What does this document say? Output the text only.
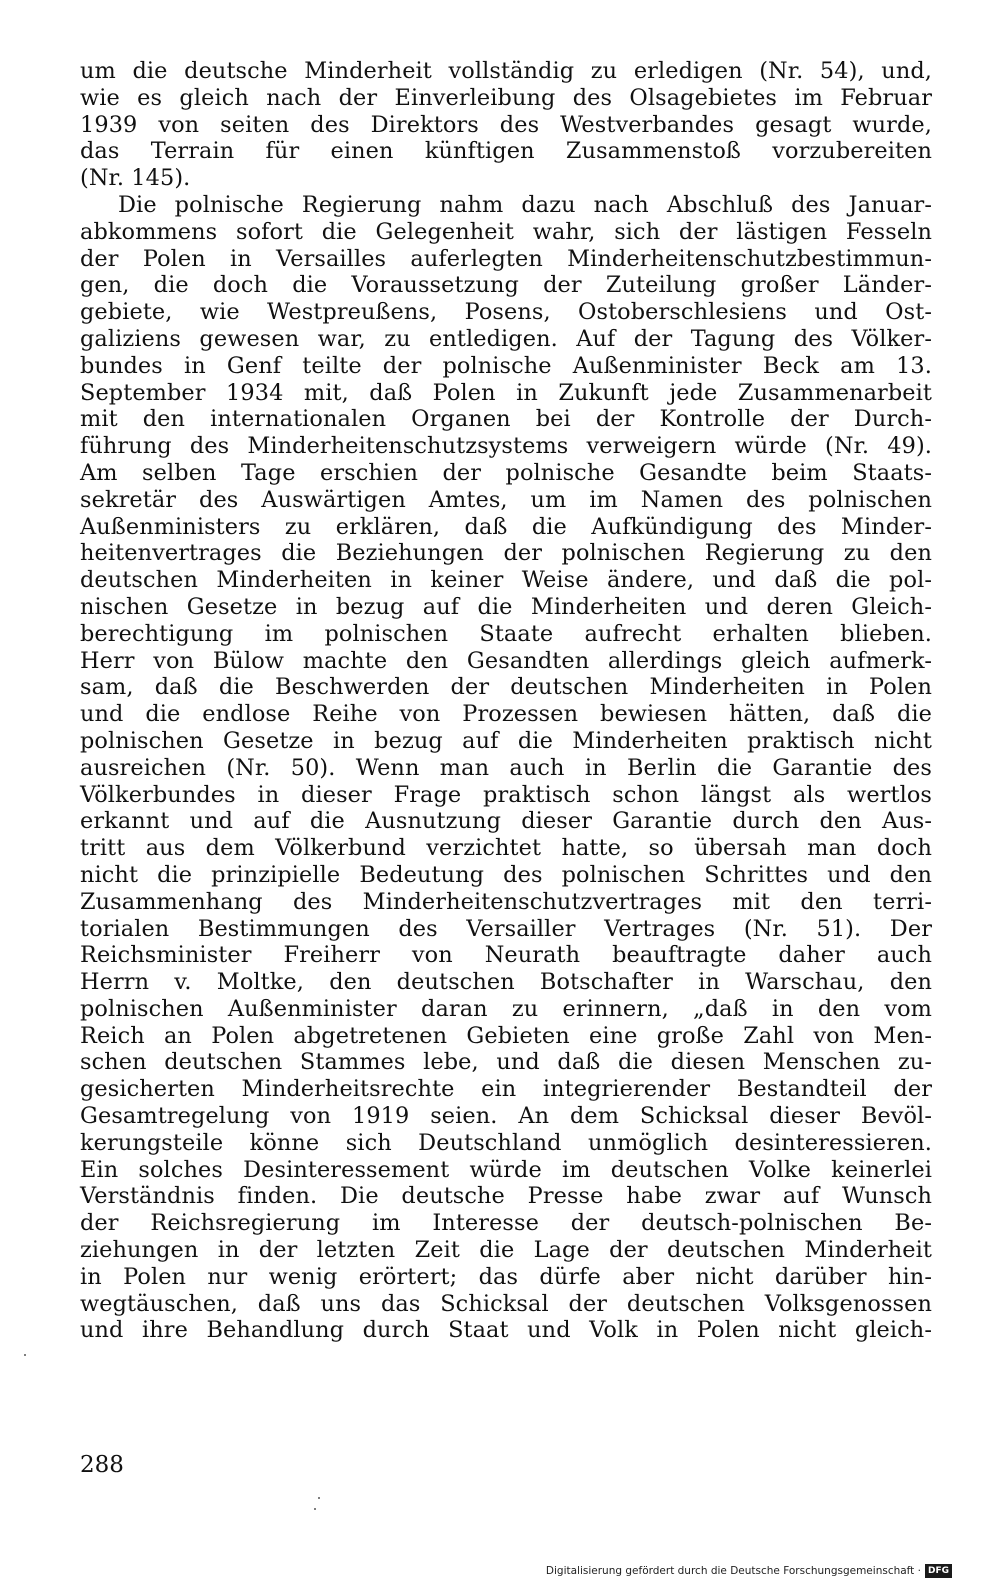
um die deutsche Minderheit vollständig zu erledigen (Nr. 54), und,
wie es gleich nach der Einverleibung des Olsagebietes im Februar
1939 von seiten des Direktors des Westverbandes gesagt wurde,
das Terrain für einen künftigen Zusammenstoß vorzubereiten
(Nr. 145).
Die polnische Regierung nahm dazu nach Abschluß des Januar-
abkommens sofort die Gelegenheit wahr, sich der lästigen Fesseln
der Polen in Versailles auferlegten Minderheitenschutzbestimmun-
gen, die doch die Voraussetzung der Zuteilung großer Länder-
gebiete, wie Westpreußens, Posens, Ostoberschlesiens und Ost-
galiziens gewesen war, zu entledigen. Auf der Tagung des Völker-
bundes in Genf teilte der polnische Außenminister Beck am 13.
September 1934 mit, daß Polen in Zukunft jede Zusammenarbeit
mit den internationalen Organen bei der Kontrolle der Durch-
führung des Minderheitenschutzsystems verweigern würde (Nr. 49).
Am selben Tage erschien der polnische Gesandte beim Staats-
sekretär des Auswärtigen Amtes, um im Namen des polnischen
Außenministers zu erklären, daß die Aufkündigung des Minder-
heitenvertrages die Beziehungen der polnischen Regierung zu den
deutschen Minderheiten in keiner Weise ändere, und daß die pol-
nischen Gesetze in bezug auf die Minderheiten und deren Gleich-
berechtigung im polnischen Staate aufrecht erhalten blieben.
Herr von Bülow machte den Gesandten allerdings gleich aufmerk-
sam, daß die Beschwerden der deutschen Minderheiten in Polen
und die endlose Reihe von Prozessen bewiesen hätten, daß die
polnischen Gesetze in bezug auf die Minderheiten praktisch nicht
ausreichen (Nr. 50). Wenn man auch in Berlin die Garantie des
Völkerbundes in dieser Frage praktisch schon längst als wertlos
erkannt und auf die Ausnutzung dieser Garantie durch den Aus-
tritt aus dem Völkerbund verzichtet hatte, so übersah man doch
nicht die prinzipielle Bedeutung des polnischen Schrittes und den
Zusammenhang des Minderheitenschutzvertrages mit den terri-
torialen Bestimmungen des Versailler Vertrages (Nr. 51). Der
Reichsminister Freiherr von Neurath beauftragte daher auch
Herrn v. Moltke, den deutschen Botschafter in Warschau, den
polnischen Außenminister daran zu erinnern, „daß in den vom
Reich an Polen abgetretenen Gebieten eine große Zahl von Men-
schen deutschen Stammes lebe, und daß die diesen Menschen zu-
gesicherten Minderheitsrechte ein integrierender Bestandteil der
Gesamtregelung von 1919 seien. An dem Schicksal dieser Bevöl-
kerungsteile könne sich Deutschland unmöglich desinteressieren.
Ein solches Desinteressement würde im deutschen Volke keinerlei
Verständnis finden. Die deutsche Presse habe zwar auf Wunsch
der Reichsregierung im Interesse der deutsch-polnischen Be-
ziehungen in der letzten Zeit die Lage der deutschen Minderheit
in Polen nur wenig erörtert; das dürfe aber nicht darüber hin-
wegtäuschen, daß uns das Schicksal der deutschen Volksgenossen
und ihre Behandlung durch Staat und Volk in Polen nicht gleich-
288
Digitalisierung gefördert durch die Deutsche Forschungsgemeinschaft · DFG
